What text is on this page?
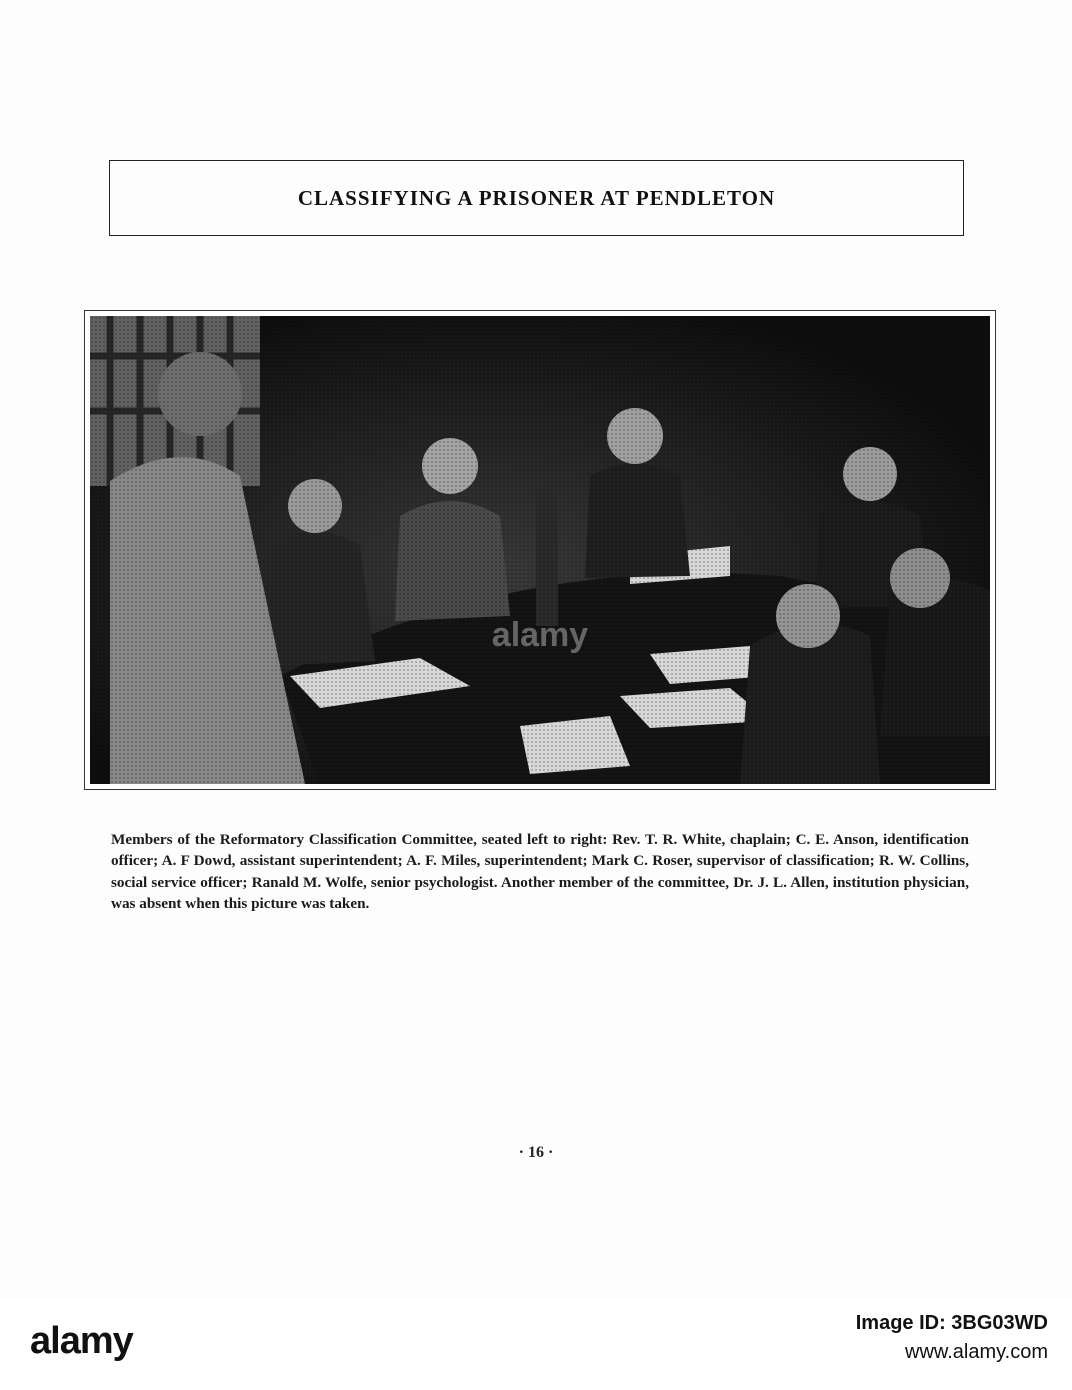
CLASSIFYING A PRISONER AT PENDLETON
alamy

Members of the Reformatory Classification Committee, seated left to right: Rev. T. R. White, chaplain; C. E. Anson, identification officer; A. F Dowd, assistant superintendent; A. F. Miles, superintendent; Mark C. Roser, supervisor of classification; R. W. Collins, social service officer; Ranald M. Wolfe, senior psychologist. Another member of the committee, Dr. J. L. Allen, institution physician, was absent when this picture was taken.

· 16 ·
alamy	Image ID: 3BG03WD
www.alamy.com
